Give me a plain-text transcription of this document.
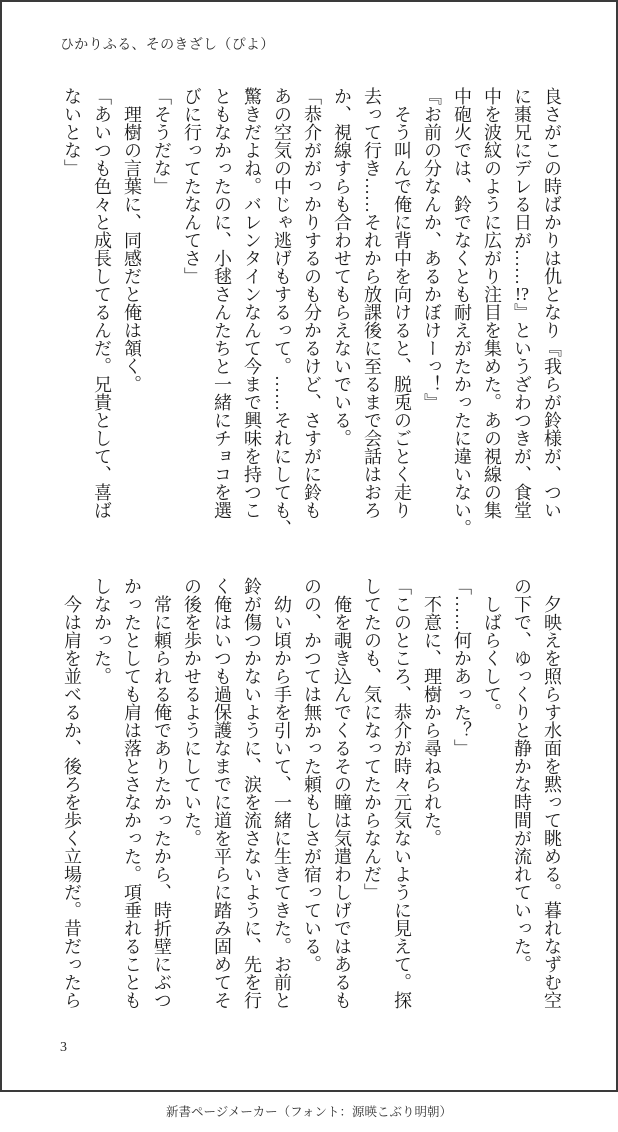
ひかりふる、そのきざし（ぴよ）
良さがこの時ばかりは仇となり『我らが鈴様が、つい
に棗兄にデレる日が……!?』というざわつきが、食堂
中を波紋のように広がり注目を集めた。あの視線の集
中砲火では、鈴でなくとも耐えがたかったに違いない。
『お前の分なんか、あるかぼけーっ！』
　そう叫んで俺に背中を向けると、脱兎のごとく走り
去って行き……それから放課後に至るまで会話はおろ
か、視線すらも合わせてもらえないでいる。
「恭介ががっかりするのも分かるけど、さすがに鈴も
あの空気の中じゃ逃げもするって。……それにしても、
驚きだよね。バレンタインなんて今まで興味を持つこ
ともなかったのに、小毬さんたちと一緒にチョコを選
びに行ってたなんてさ」
「そうだな」
　理樹の言葉に、同感だと俺は頷く。
「あいつも色々と成長してるんだ。兄貴として、喜ば
ないとな」
　夕映えを照らす水面を黙って眺める。暮れなずむ空
の下で、ゆっくりと静かな時間が流れていった。
　しばらくして。
「……何かあった？」
　不意に、理樹から尋ねられた。
「このところ、恭介が時々元気ないように見えて。探
してたのも、気になってたからなんだ」
　俺を覗き込んでくるその瞳は気遣わしげではあるも
のの、かつては無かった頼もしさが宿っている。
　幼い頃から手を引いて、一緒に生きてきた。お前と
鈴が傷つかないように、涙を流さないように、先を行
く俺はいつも過保護なまでに道を平らに踏み固めてそ
の後を歩かせるようにしていた。
　常に頼られる俺でありたかったから、時折壁にぶつ
かったとしても肩は落とさなかった。項垂れることも
しなかった。
　今は肩を並べるか、後ろを歩く立場だ。昔だったら
3
新書ページメーカー（フォント：源暎こぶり明朝）
